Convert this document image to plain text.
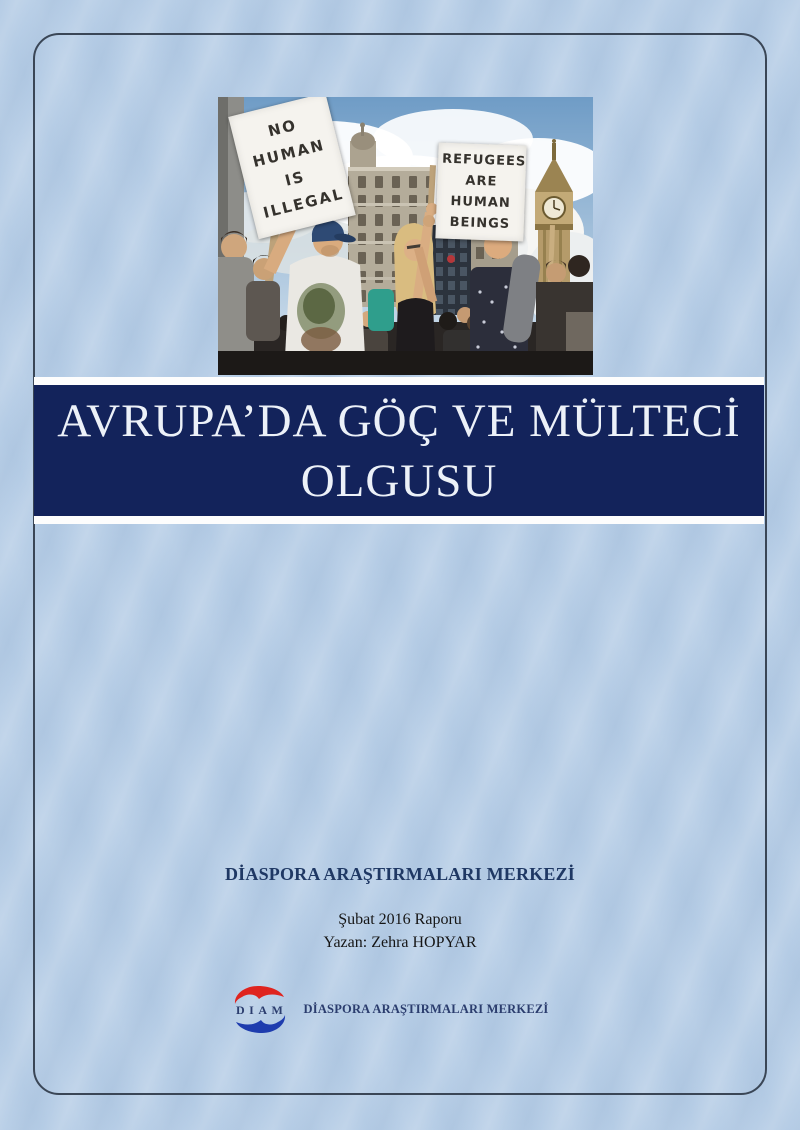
NO HUMAN IS ILLEGAL
REFUGEES ARE HUMAN BEINGS
AVRUPA’DA GÖÇ VE MÜLTECİ
OLGUSU
DİASPORA ARAŞTIRMALARI MERKEZİ
Şubat 2016 Raporu
Yazan: Zehra HOPYAR
DIAM DİASPORA ARAŞTIRMALARI MERKEZİ
